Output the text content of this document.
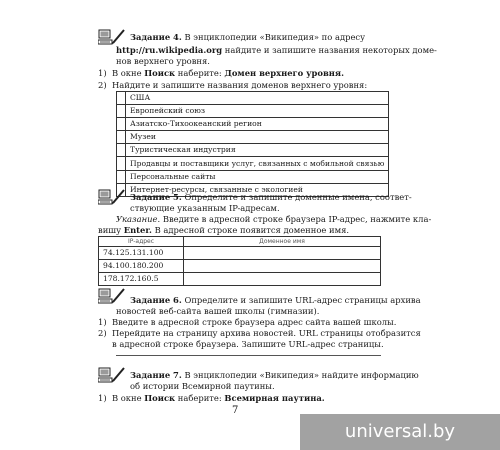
Задание 4. В энциклопедии «Википедия» по адресу
http://ru.wikipedia.org найдите и запишите названия некоторых доме-
нов верхнего уровня.
1) В окне Поиск наберите: Домен верхнего уровня.
2) Найдите и запишите названия доменов верхнего уровня:
	США
	Европейский союз
	Азиатско-Тихоокеанский регион
	Музеи
	Туристическая индустрия
	Продавцы и поставщики услуг, связанных с мобильной связью
	Персональные сайты
	Интернет-ресурсы, связанные с экологией
Задание 5. Определите и запишите доменные имена, соответ-
ствующие указанным IP-адресам.
Указание. Введите в адресной строке браузера IP-адрес, нажмите кла-
вишу Enter. В адресной строке появится доменное имя.
IP-адрес	Доменное имя
74.125.131.100	
94.100.180.200	
178.172.160.5	
Задание 6. Определите и запишите URL-адрес страницы архива
новостей веб-сайта вашей школы (гимназии).
1) Введите в адресной строке браузера адрес сайта вашей школы.
2) Перейдите на страницу архива новостей. URL страницы отобразится
в адресной строке браузера. Запишите URL-адрес страницы.
Задание 7. В энциклопедии «Википедия» найдите информацию
об истории Всемирной паутины.
1) В окне Поиск наберите: Всемирная паутина.
7
universal.by
